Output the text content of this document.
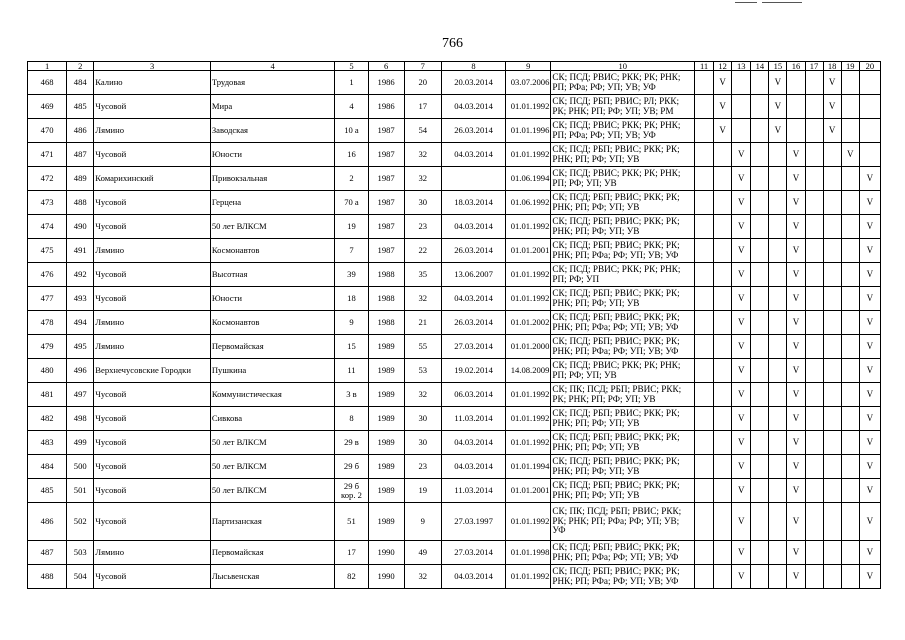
766
1	2	3	4	5	6	7	8	9	10	11	12	13	14	15	16	17	18	19	20
468	484	Калино	Трудовая	1	1986	20	20.03.2014	03.07.2006	СК; ПСД; РВИС; РКК; РК; РНК; РП; РФа; РФ; УП; УВ; УФ		V			V			V		
469	485	Чусовой	Мира	4	1986	17	04.03.2014	01.01.1992	СК; ПСД; РБП; РВИС; РЛ; РКК; РК; РНК; РП; РФ; УП; УВ; РМ		V			V			V		
470	486	Лямино	Заводская	10 а	1987	54	26.03.2014	01.01.1996	СК; ПСД; РВИС; РКК; РК; РНК; РП; РФа; РФ; УП; УВ; УФ		V			V			V		
471	487	Чусовой	Юности	16	1987	32	04.03.2014	01.01.1992	СК; ПСД; РБП; РВИС; РКК; РК; РНК; РП; РФ; УП; УВ			V			V			V	
472	489	Комарихинский	Привокзальная	2	1987	32		01.06.1994	СК; ПСД; РВИС; РКК; РК; РНК; РП; РФ; УП; УВ			V			V				V
473	488	Чусовой	Герцена	70 а	1987	30	18.03.2014	01.06.1992	СК; ПСД; РБП; РВИС; РКК; РК; РНК; РП; РФ; УП; УВ			V			V				V
474	490	Чусовой	50 лет ВЛКСМ	19	1987	23	04.03.2014	01.01.1992	СК; ПСД; РБП; РВИС; РКК; РК; РНК; РП; РФ; УП; УВ			V			V				V
475	491	Лямино	Космонавтов	7	1987	22	26.03.2014	01.01.2001	СК; ПСД; РБП; РВИС; РКК; РК; РНК; РП; РФа; РФ; УП; УВ; УФ			V			V				V
476	492	Чусовой	Высотная	39	1988	35	13.06.2007	01.01.1992	СК; ПСД; РВИС; РКК; РК; РНК; РП; РФ; УП			V			V				V
477	493	Чусовой	Юности	18	1988	32	04.03.2014	01.01.1992	СК; ПСД; РБП; РВИС; РКК; РК; РНК; РП; РФ; УП; УВ			V			V				V
478	494	Лямино	Космонавтов	9	1988	21	26.03.2014	01.01.2002	СК; ПСД; РБП; РВИС; РКК; РК; РНК; РП; РФа; РФ; УП; УВ; УФ			V			V				V
479	495	Лямино	Первомайская	15	1989	55	27.03.2014	01.01.2000	СК; ПСД; РБП; РВИС; РКК; РК; РНК; РП; РФа; РФ; УП; УВ; УФ			V			V				V
480	496	Верхнечусовские Городки	Пушкина	11	1989	53	19.02.2014	14.08.2009	СК; ПСД; РВИС; РКК; РК; РНК; РП; РФ; УП; УВ			V			V				V
481	497	Чусовой	Коммунистическая	3 в	1989	32	06.03.2014	01.01.1992	СК; ПК; ПСД; РБП; РВИС; РКК; РК; РНК; РП; РФ; УП; УВ			V			V				V
482	498	Чусовой	Сивкова	8	1989	30	11.03.2014	01.01.1992	СК; ПСД; РБП; РВИС; РКК; РК; РНК; РП; РФ; УП; УВ			V			V				V
483	499	Чусовой	50 лет ВЛКСМ	29 в	1989	30	04.03.2014	01.01.1992	СК; ПСД; РБП; РВИС; РКК; РК; РНК; РП; РФ; УП; УВ			V			V				V
484	500	Чусовой	50 лет ВЛКСМ	29 б	1989	23	04.03.2014	01.01.1994	СК; ПСД; РБП; РВИС; РКК; РК; РНК; РП; РФ; УП; УВ			V			V				V
485	501	Чусовой	50 лет ВЛКСМ	29 б кор. 2	1989	19	11.03.2014	01.01.2001	СК; ПСД; РБП; РВИС; РКК; РК; РНК; РП; РФ; УП; УВ			V			V				V
486	502	Чусовой	Партизанская	51	1989	9	27.03.1997	01.01.1992	СК; ПК; ПСД; РБП; РВИС; РКК; РК; РНК; РП; РФа; РФ; УП; УВ; УФ			V			V				V
487	503	Лямино	Первомайская	17	1990	49	27.03.2014	01.01.1998	СК; ПСД; РБП; РВИС; РКК; РК; РНК; РП; РФа; РФ; УП; УВ; УФ			V			V				V
488	504	Чусовой	Лысьвенская	82	1990	32	04.03.2014	01.01.1992	СК; ПСД; РБП; РВИС; РКК; РК; РНК; РП; РФа; РФ; УП; УВ; УФ			V			V				V
